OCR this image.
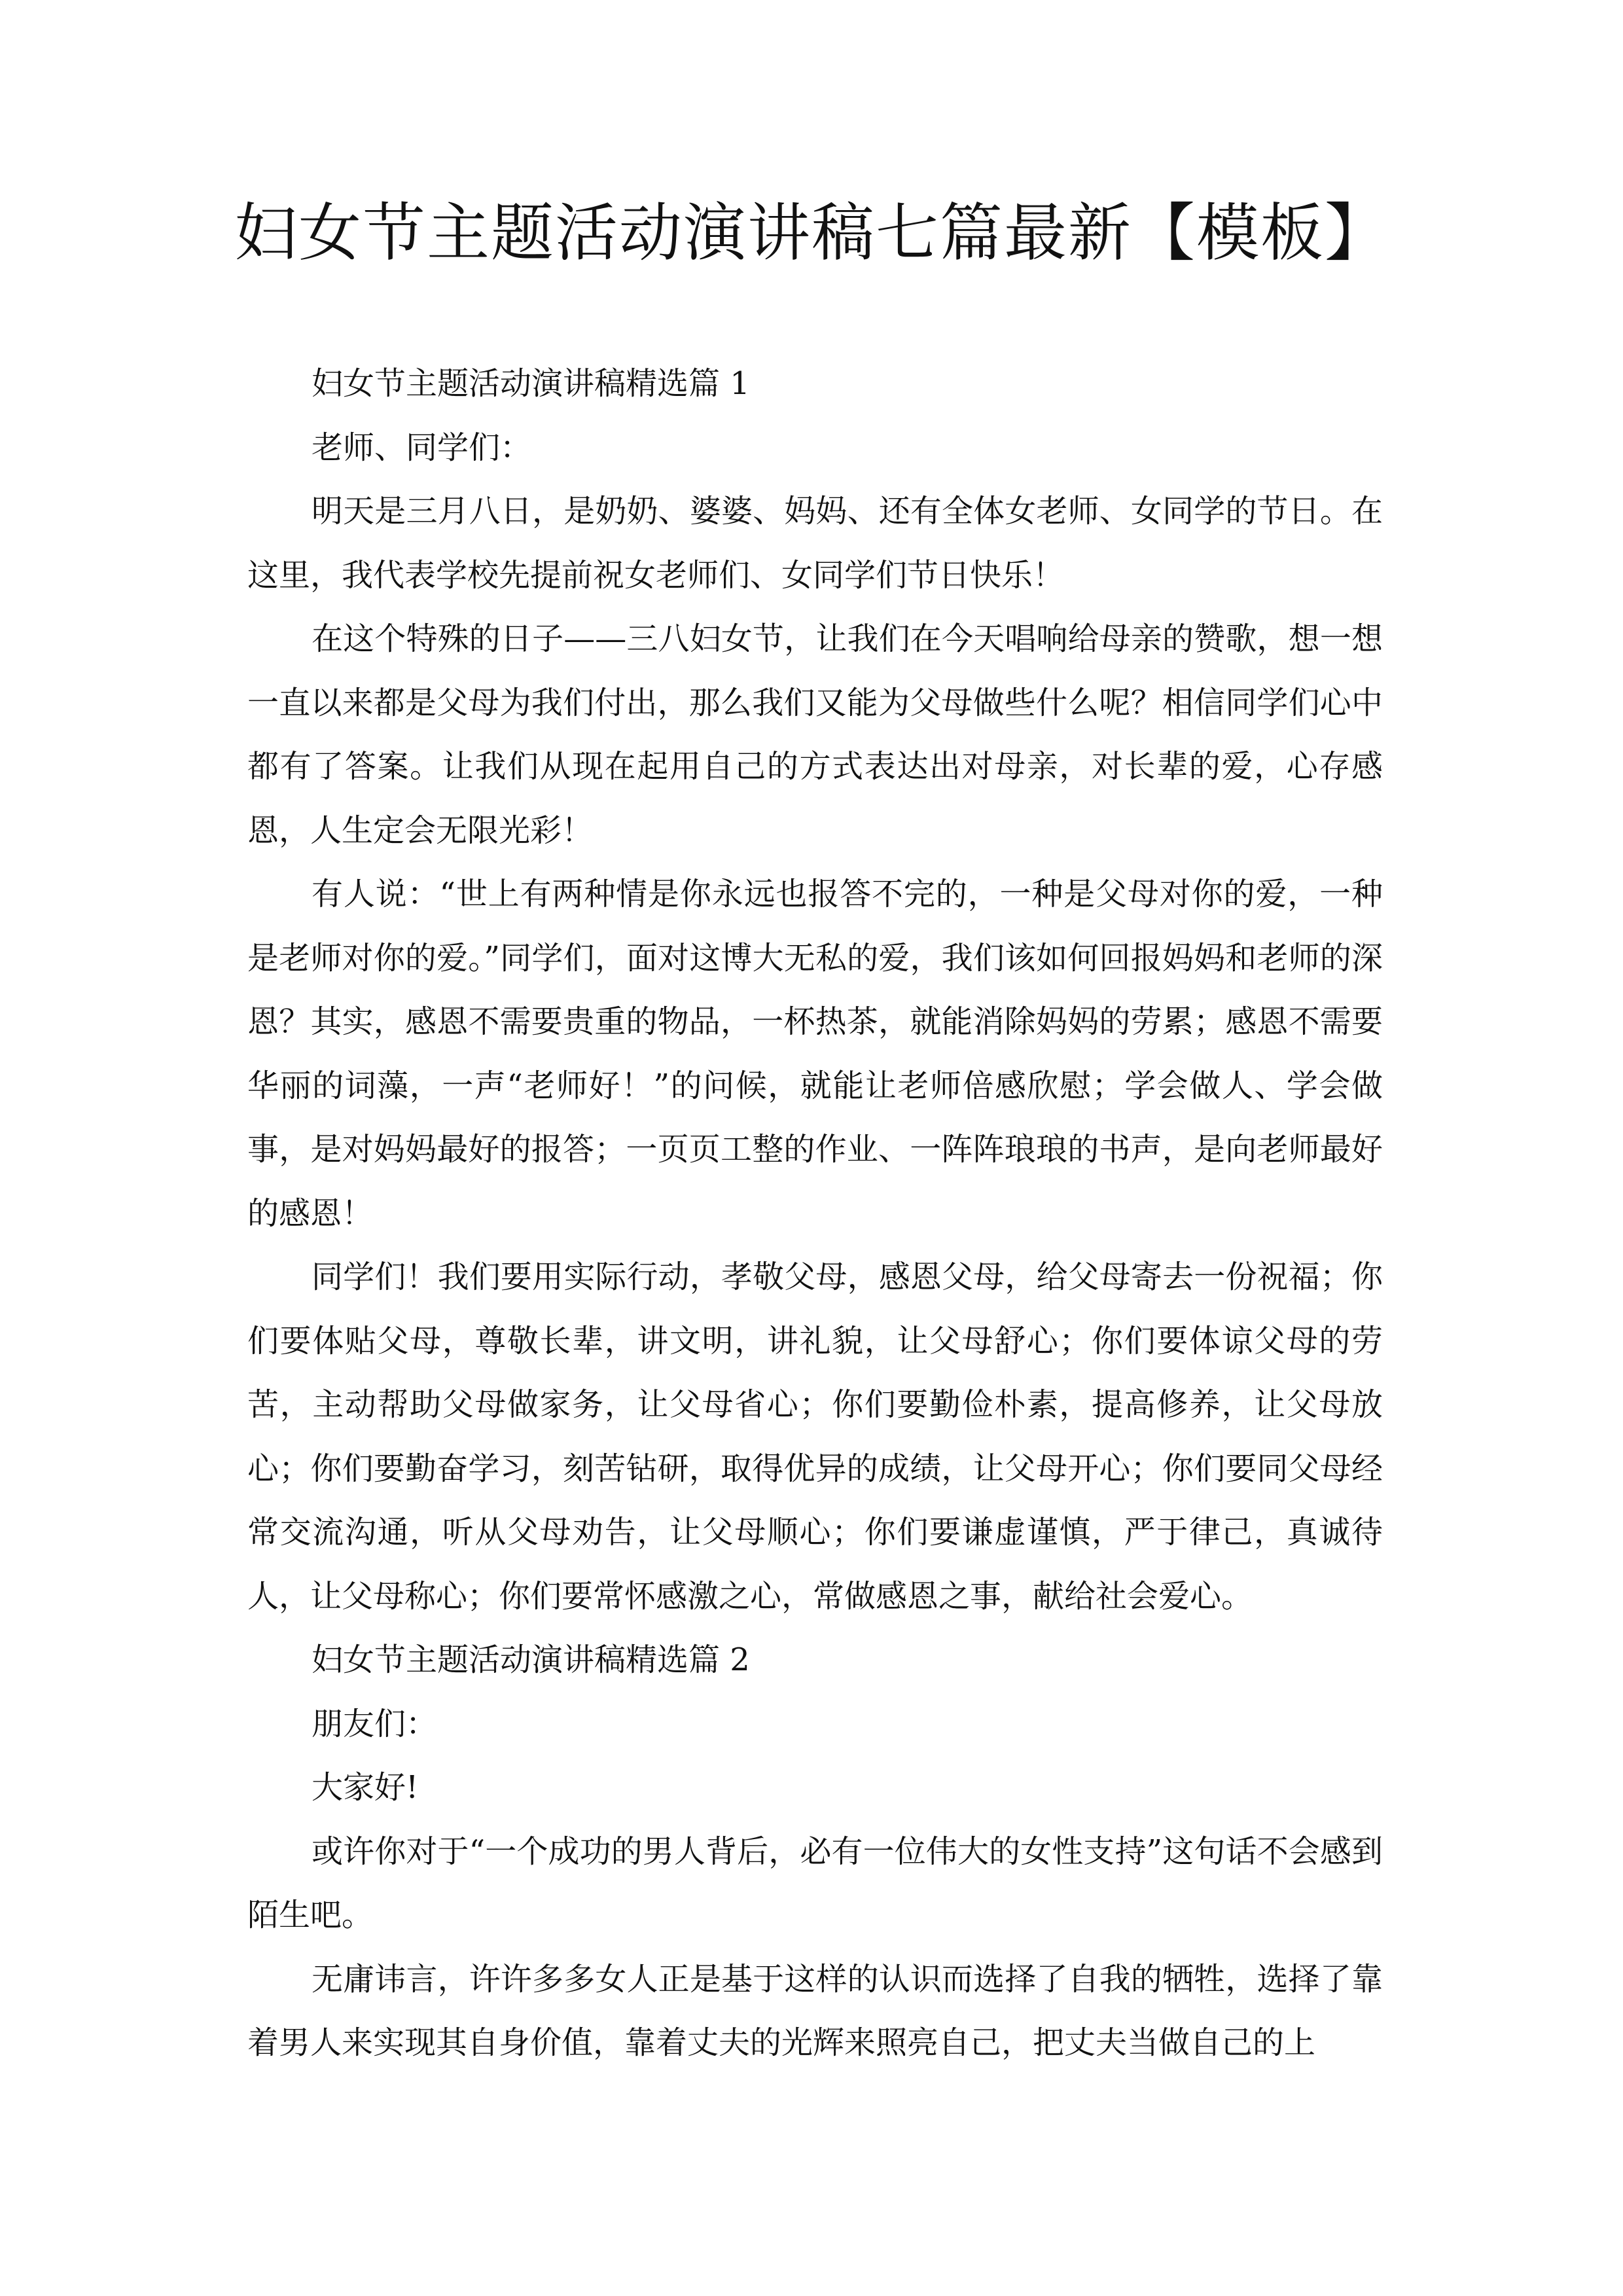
妇女节主题活动演讲稿七篇最新【模板】

妇女节主题活动演讲稿精选篇 1

老师、同学们：

明天是三月八日，是奶奶、婆婆、妈妈、还有全体女老师、女同学的节日。在这里，我代表学校先提前祝女老师们、女同学们节日快乐！

在这个特殊的日子——三八妇女节，让我们在今天唱响给母亲的赞歌，想一想一直以来都是父母为我们付出，那么我们又能为父母做些什么呢？相信同学们心中都有了答案。让我们从现在起用自己的方式表达出对母亲，对长辈的爱，心存感恩，人生定会无限光彩！

有人说：“世上有两种情是你永远也报答不完的，一种是父母对你的爱，一种是老师对你的爱。”同学们，面对这博大无私的爱，我们该如何回报妈妈和老师的深恩？其实，感恩不需要贵重的物品，一杯热茶，就能消除妈妈的劳累；感恩不需要华丽的词藻，一声“老师好！”的问候，就能让老师倍感欣慰；学会做人、学会做事，是对妈妈最好的报答；一页页工整的作业、一阵阵琅琅的书声，是向老师最好的感恩！

同学们！我们要用实际行动，孝敬父母，感恩父母，给父母寄去一份祝福；你们要体贴父母，尊敬长辈，讲文明，讲礼貌，让父母舒心；你们要体谅父母的劳苦，主动帮助父母做家务，让父母省心；你们要勤俭朴素，提高修养，让父母放心；你们要勤奋学习，刻苦钻研，取得优异的成绩，让父母开心；你们要同父母经常交流沟通，听从父母劝告，让父母顺心；你们要谦虚谨慎，严于律己，真诚待人，让父母称心；你们要常怀感激之心，常做感恩之事，献给社会爱心。

妇女节主题活动演讲稿精选篇 2

朋友们：

大家好!

或许你对于“一个成功的男人背后，必有一位伟大的女性支持”这句话不会感到陌生吧。

无庸讳言，许许多多女人正是基于这样的认识而选择了自我的牺牲，选择了靠着男人来实现其自身价值，靠着丈夫的光辉来照亮自己，把丈夫当做自己的上
